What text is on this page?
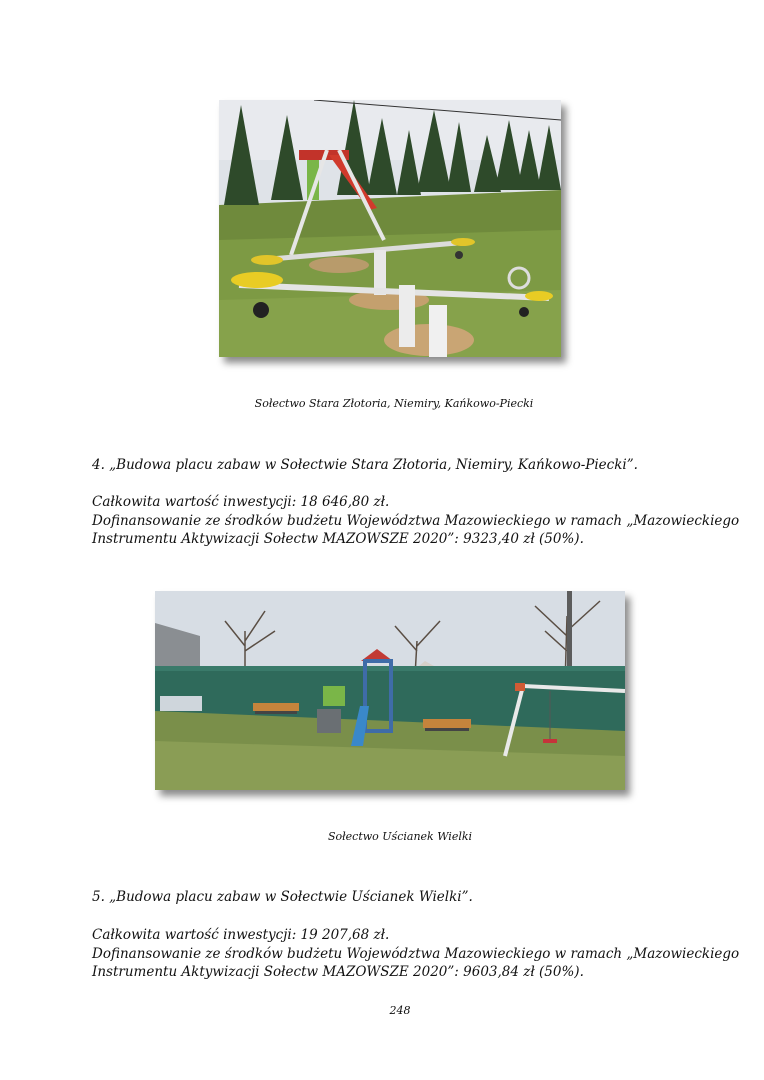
Sołectwo Stara Złotoria, Niemiry, Kańkowo-Piecki
4. „Budowa placu zabaw w Sołectwie Stara Złotoria, Niemiry, Kańkowo-Piecki”.
Całkowita wartość inwestycji: 18 646,80 zł.
Dofinansowanie ze środków budżetu Województwa Mazowieckiego w ramach „Mazowieckiego
Instrumentu Aktywizacji Sołectw MAZOWSZE 2020”: 9323,40 zł (50%).
Sołectwo Uścianek Wielki
5. „Budowa placu zabaw w Sołectwie Uścianek Wielki”.
Całkowita wartość inwestycji: 19 207,68 zł.
Dofinansowanie ze środków budżetu Województwa Mazowieckiego w ramach „Mazowieckiego
Instrumentu Aktywizacji Sołectw MAZOWSZE 2020”: 9603,84 zł (50%).
248
